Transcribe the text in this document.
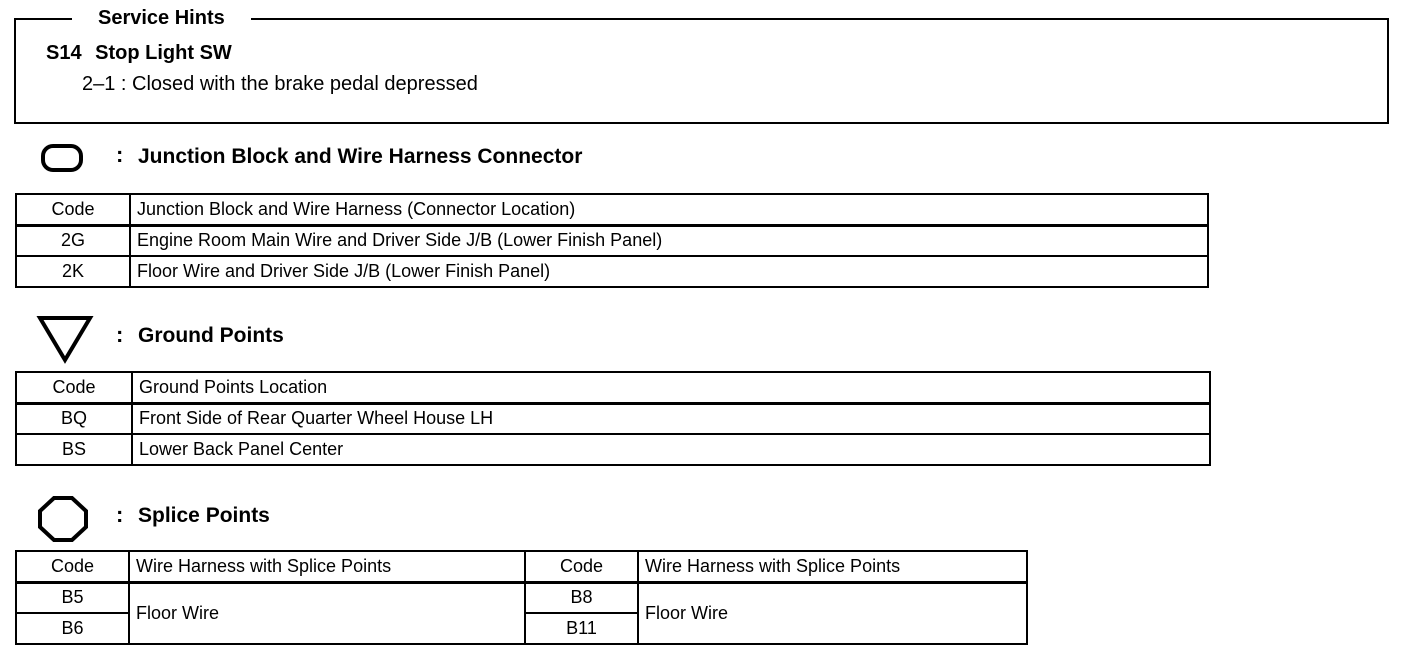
Service Hints
S14 Stop Light SW
2–1 : Closed with the brake pedal depressed
: Junction Block and Wire Harness Connector
Code	Junction Block and Wire Harness (Connector Location)
2G	Engine Room Main Wire and Driver Side J/B (Lower Finish Panel)
2K	Floor Wire and Driver Side J/B (Lower Finish Panel)
: Ground Points
Code	Ground Points Location
BQ	Front Side of Rear Quarter Wheel House LH
BS	Lower Back Panel Center
: Splice Points
Code	Wire Harness with Splice Points	Code	Wire Harness with Splice Points
B5	Floor Wire	B8	Floor Wire
B6		B11	
